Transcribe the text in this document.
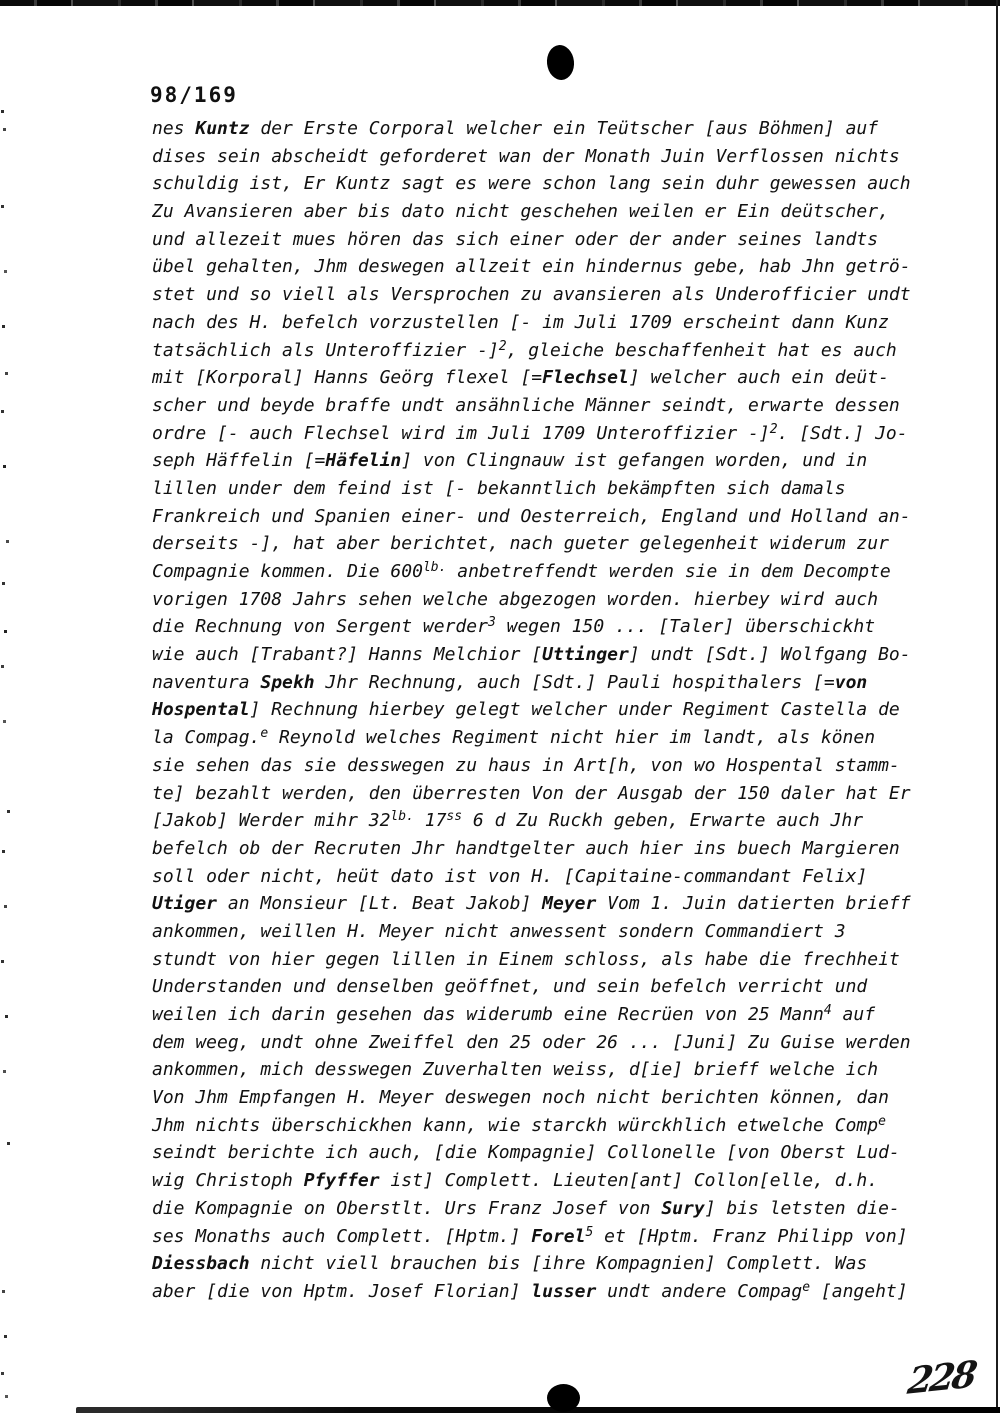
98/169
nes Kuntz der Erste Corporal welcher ein Teütscher [aus Böhmen] auf
dises sein abscheidt geforderet wan der Monath Juin Verflossen nichts
schuldig ist, Er Kuntz sagt es were schon lang sein duhr gewessen auch
Zu Avansieren aber bis dato nicht geschehen weilen er Ein deütscher,
und allezeit mues hören das sich einer oder der ander seines landts
übel gehalten, Jhm deswegen allzeit ein hindernus gebe, hab Jhn getrö-
stet und so viell als Versprochen zu avansieren als Underofficier undt
nach des H. befelch vorzustellen [- im Juli 1709 erscheint dann Kunz
tatsächlich als Unteroffizier -]$^2$, gleiche beschaffenheit hat es auch
mit [Korporal] Hanns Geörg flexel [=Flechsel] welcher auch ein deüt-
scher und beyde braffe undt ansähnliche Männer seindt, erwarte dessen
ordre [- auch Flechsel wird im Juli 1709 Unteroffizier -]$^2$. [Sdt.] Jo-
seph Häffelin [=Häfelin] von Clingnauw ist gefangen worden, und in
lillen under dem feind ist [- bekanntlich bekämpften sich damals
Frankreich und Spanien einer- und Oesterreich, England und Holland an-
derseits -], hat aber berichtet, nach gueter gelegenheit widerum zur
Compagnie kommen. Die $600^{lb.}$ anbetreffendt werden sie in dem Decompte
vorigen 1708 Jahrs sehen welche abgezogen worden. hierbey wird auch
die Rechnung von Sergent werder$^3$ wegen 150 ... [Taler] überschickht
wie auch [Trabant?] Hanns Melchior [Uttinger] undt [Sdt.] Wolfgang Bo-
naventura Spekh Jhr Rechnung, auch [Sdt.] Pauli hospithalers [=von
Hospental] Rechnung hierbey gelegt welcher under Regiment Castella de
la Compag.$^e$ Reynold welches Regiment nicht hier im landt, als könen
sie sehen das sie desswegen zu haus in Art[h, von wo Hospental stamm-
te] bezahlt werden, den überresten Von der Ausgab der 150 daler hat Er
[Jakob] Werder mihr $32^{lb.}$ $17^{ss}$ 6 d Zu Ruckh geben, Erwarte auch Jhr
befelch ob der Recruten Jhr handtgelter auch hier ins buech Margieren
soll oder nicht, heüt dato ist von H. [Capitaine-commandant Felix]
Utiger an Monsieur [Lt. Beat Jakob] Meyer Vom 1. Juin datierten brieff
ankommen, weillen H. Meyer nicht anwessent sondern Commandiert 3
stundt von hier gegen lillen in Einem schloss, als habe die frechheit
Understanden und denselben geöffnet, und sein befelch verricht und
weilen ich darin gesehen das widerumb eine Recrüen von 25 Mann$^4$ auf
dem weeg, undt ohne Zweiffel den 25 oder 26 ... [Juni] Zu Guise werden
ankommen, mich desswegen Zuverhalten weiss, d[ie] brieff welche ich
Von Jhm Empfangen H. Meyer deswegen noch nicht berichten können, dan
Jhm nichts überschickhen kann, wie starckh würckhlich etwelche Comp$^e$
seindt berichte ich auch, [die Kompagnie] Collonelle [von Oberst Lud-
wig Christoph Pfyffer ist] Complett. Lieuten[ant] Collon[elle, d.h.
die Kompagnie on Oberstlt. Urs Franz Josef von Sury] bis letsten die-
ses Monaths auch Complett. [Hptm.] Forel$^5$ et [Hptm. Franz Philipp von]
Diessbach nicht viell brauchen bis [ihre Kompagnien] Complett. Was
aber [die von Hptm. Josef Florian] lusser undt andere Compag$^e$ [angeht]
228
